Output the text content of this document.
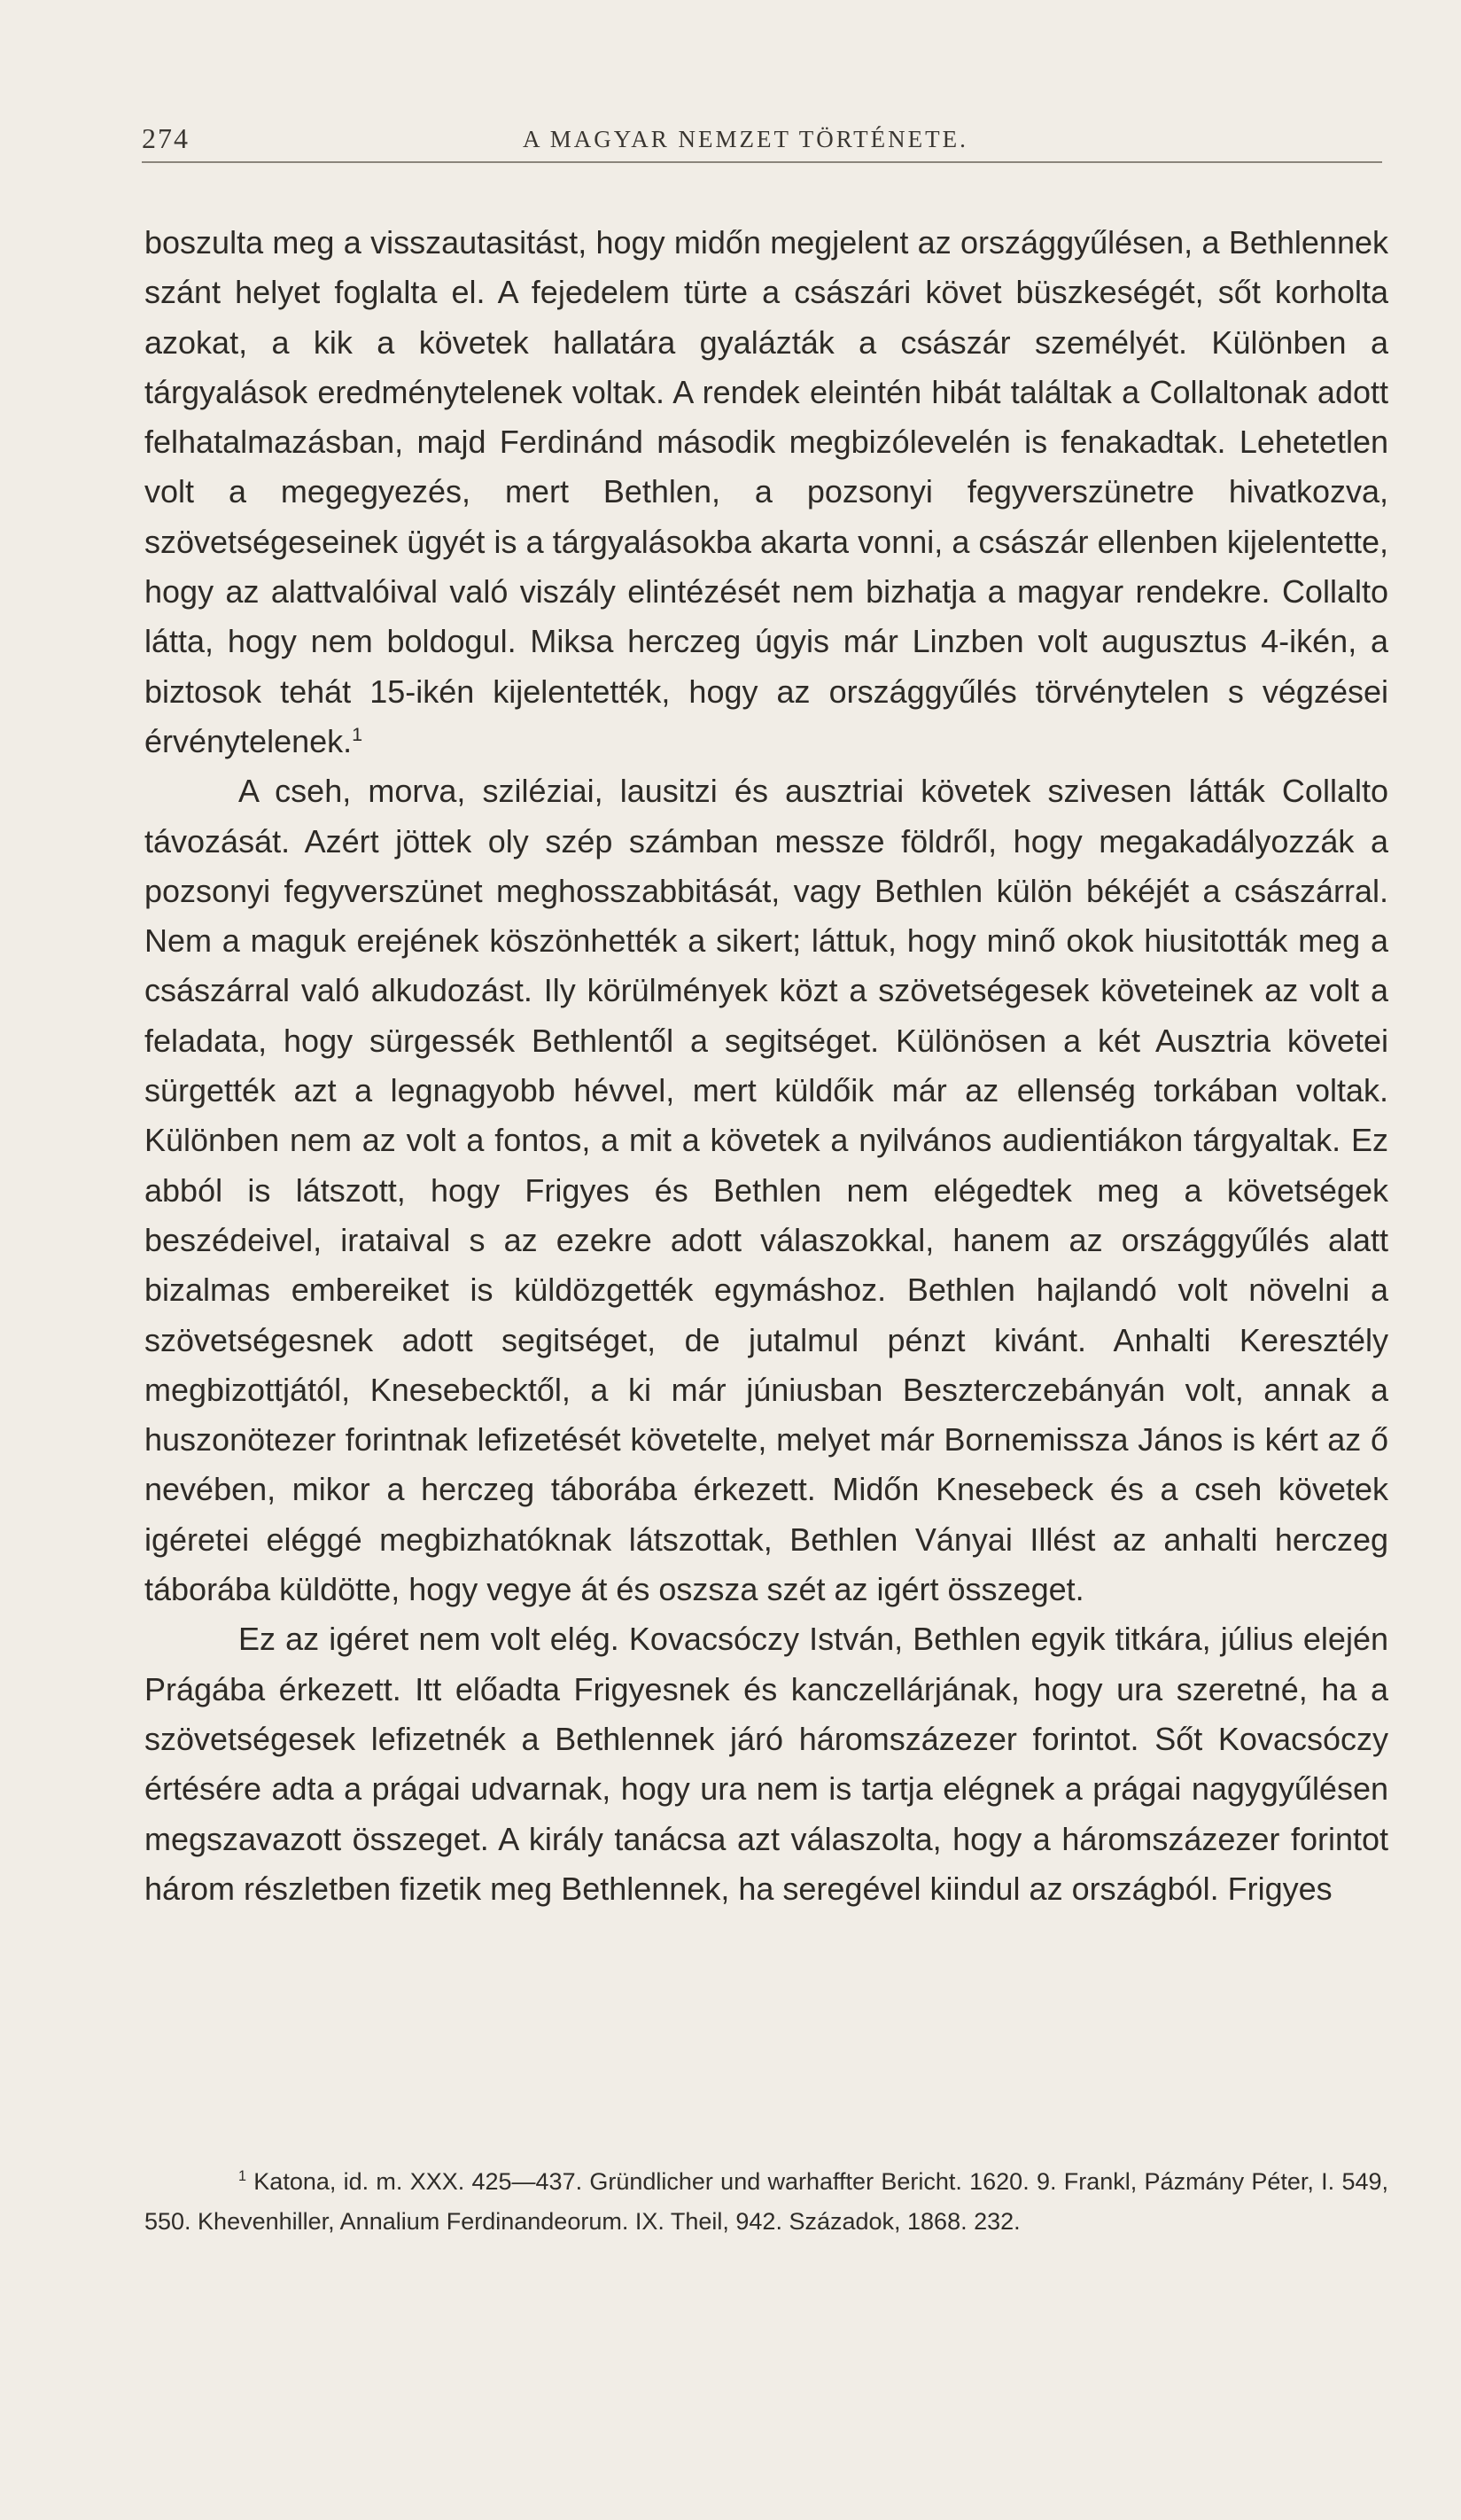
274	A MAGYAR NEMZET TÖRTÉNETE.

boszulta meg a visszautasitást, hogy midőn megjelent az országgyűlésen, a Bethlennek szánt helyet foglalta el. A fejedelem türte a császári követ büszkeségét, sőt korholta azokat, a kik a követek hallatára gyalázták a császár személyét. Különben a tárgyalások eredménytelenek voltak. A rendek eleintén hibát találtak a Collaltonak adott felhatalmazásban, majd Ferdinánd második megbizólevelén is fenakadtak. Lehetetlen volt a megegyezés, mert Bethlen, a pozsonyi fegyverszünetre hivatkozva, szövetségeseinek ügyét is a tárgyalásokba akarta vonni, a császár ellenben kijelentette, hogy az alattvalóival való viszály elintézését nem bizhatja a magyar rendekre. Collalto látta, hogy nem boldogul. Miksa herczeg úgyis már Linzben volt augusztus 4-ikén, a biztosok tehát 15-ikén kijelentették, hogy az országgyűlés törvénytelen s végzései érvénytelenek.$^1$

A cseh, morva, sziléziai, lausitzi és ausztriai követek szivesen látták Collalto távozását. Azért jöttek oly szép számban messze földről, hogy megakadályozzák a pozsonyi fegyverszünet meghosszabbitását, vagy Bethlen külön békéjét a császárral. Nem a maguk erejének köszönhették a sikert; láttuk, hogy minő okok hiusitották meg a császárral való alkudozást. Ily körülmények közt a szövetségesek követeinek az volt a feladata, hogy sürgessék Bethlentől a segitséget. Különösen a két Ausztria követei sürgették azt a legnagyobb hévvel, mert küldőik már az ellenség torkában voltak. Különben nem az volt a fontos, a mit a követek a nyilvános audientiákon tárgyaltak. Ez abból is látszott, hogy Frigyes és Bethlen nem elégedtek meg a követségek beszédeivel, irataival s az ezekre adott válaszokkal, hanem az országgyűlés alatt bizalmas embereiket is küldözgették egymáshoz. Bethlen hajlandó volt növelni a szövetségesnek adott segitséget, de jutalmul pénzt kivánt. Anhalti Keresztély megbizottjától, Knesebecktől, a ki már júniusban Beszterczebányán volt, annak a huszonötezer forintnak lefizetését követelte, melyet már Bornemissza János is kért az ő nevében, mikor a herczeg táborába érkezett. Midőn Knesebeck és a cseh követek igéretei eléggé megbizhatóknak látszottak, Bethlen Ványai Illést az anhalti herczeg táborába küldötte, hogy vegye át és oszsza szét az igért összeget.

Ez az igéret nem volt elég. Kovacsóczy István, Bethlen egyik titkára, július elején Prágába érkezett. Itt előadta Frigyesnek és kanczellárjának, hogy ura szeretné, ha a szövetségesek lefizetnék a Bethlennek járó háromszázezer forintot. Sőt Kovacsóczy értésére adta a prágai udvarnak, hogy ura nem is tartja elégnek a prágai nagygyűlésen megszavazott összeget. A király tanácsa azt válaszolta, hogy a háromszázezer forintot három részletben fizetik meg Bethlennek, ha seregével kiindul az országból. Frigyes

$^1$ Katona, id. m. XXX. 425—437. Gründlicher und warhaffter Bericht. 1620. 9. Frankl, Pázmány Péter, I. 549, 550. Khevenhiller, Annalium Ferdinandeorum. IX. Theil, 942. Századok, 1868. 232.
